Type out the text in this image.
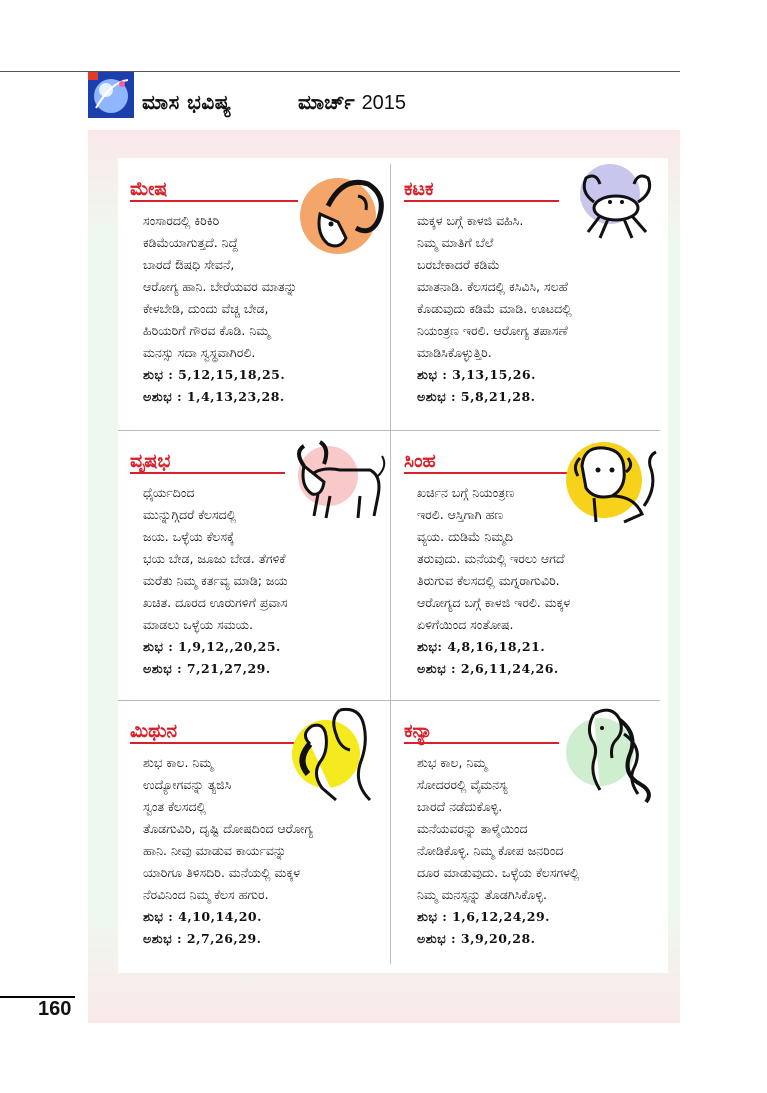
ಮಾಸ ಭವಿಷ್ಯ	ಮಾರ್ಚ್ 2015
ಮೇಷ
ಸಂಸಾರದಲ್ಲಿ ಕಿರಿಕಿರಿ
ಕಡಿಮೆಯಾಗುತ್ತದೆ. ನಿದ್ದೆ
ಬಾರದೆ ಔಷಧಿ ಸೇವನೆ,
ಆರೋಗ್ಯ ಹಾನಿ. ಬೇರೆಯವರ ಮಾತನ್ನು
ಕೇಳಬೇಡಿ, ದುಂದು ವೆಚ್ಚ ಬೇಡ,
ಹಿರಿಯರಿಗೆ ಗೌರವ ಕೊಡಿ. ನಿಮ್ಮ
ಮನಸ್ಸು ಸದಾ ಸ್ವಸ್ಥವಾಗಿರಲಿ.
ಶುಭ : 5,12,15,18,25.
ಅಶುಭ : 1,4,13,23,28.
ಕಟಕ
ಮಕ್ಕಳ ಬಗ್ಗೆ ಕಾಳಜಿ ವಹಿಸಿ.
ನಿಮ್ಮ ಮಾತಿಗೆ ಬೆಲೆ
ಬರಬೇಕಾದರೆ ಕಡಿಮೆ
ಮಾತನಾಡಿ. ಕೆಲಸದಲ್ಲಿ ಕಸಿವಿಸಿ, ಸಲಹೆ
ಕೊಡುವುದು ಕಡಿಮೆ ಮಾಡಿ. ಊಟದಲ್ಲಿ
ನಿಯಂತ್ರಣ ಇರಲಿ. ಆರೋಗ್ಯ ತಪಾಸಣೆ
ಮಾಡಿಸಿಕೊಳ್ಳುತ್ತಿರಿ.
ಶುಭ : 3,13,15,26.
ಅಶುಭ : 5,8,21,28.
ವೃಷಭ
ಧೈರ್ಯದಿಂದ
ಮುನ್ನುಗ್ಗಿದರೆ ಕೆಲಸದಲ್ಲಿ
ಜಯ. ಒಳ್ಳೆಯ ಕೆಲಸಕ್ಕೆ
ಭಯ ಬೇಡ, ಜೂಜು ಬೇಡ. ತೆಗಳಿಕೆ
ಮರೆತು ನಿಮ್ಮ ಕರ್ತವ್ಯ ಮಾಡಿ; ಜಯ
ಖಚಿತ. ದೂರದ ಊರುಗಳಿಗೆ ಪ್ರವಾಸ
ಮಾಡಲು ಒಳ್ಳೆಯ ಸಮಯ.
ಶುಭ : 1,9,12,,20,25.
ಅಶುಭ : 7,21,27,29.
ಸಿಂಹ
ಖರ್ಚಿನ ಬಗ್ಗೆ ನಿಯಂತ್ರಣ
ಇರಲಿ. ಆಸ್ತಿಗಾಗಿ ಹಣ
ವ್ಯಯ. ದುಡಿಮೆ ನಿಮ್ಮದಿ
ತರುವುದು. ಮನೆಯಲ್ಲಿ ಇರಲು ಆಗದೆ
ತಿರುಗುವ ಕೆಲಸದಲ್ಲಿ ಮಗ್ನರಾಗುವಿರಿ.
ಆರೋಗ್ಯದ ಬಗ್ಗೆ ಕಾಳಜಿ ಇರಲಿ. ಮಕ್ಕಳ
ಏಳಿಗೆಯಿಂದ ಸಂತೋಷ.
ಶುಭ: 4,8,16,18,21.
ಅಶುಭ : 2,6,11,24,26.
ಮಿಥುನ
ಶುಭ ಕಾಲ. ನಿಮ್ಮ
ಉದ್ಯೋಗವನ್ನು ತ್ಯಜಿಸಿ
ಸ್ವಂತ ಕೆಲಸದಲ್ಲಿ
ತೊಡಗುವಿರಿ, ದೃಷ್ಟಿ ದೋಷದಿಂದ ಆರೋಗ್ಯ
ಹಾನಿ. ನೀವು ಮಾಡುವ ಕಾರ್ಯವನ್ನು
ಯಾರಿಗೂ ತಿಳಿಸದಿರಿ. ಮನೆಯಲ್ಲಿ ಮಕ್ಕಳ
ನೆರವಿನಿಂದ ನಿಮ್ಮ ಕೆಲಸ ಹಗುರ.
ಶುಭ : 4,10,14,20.
ಅಶುಭ : 2,7,26,29.
ಕನ್ಯಾ
ಶುಭ ಕಾಲ, ನಿಮ್ಮ
ಸೋದರರಲ್ಲಿ ವೈಮನಸ್ಯ
ಬಾರದೆ ನಡೆದುಕೊಳ್ಳಿ.
ಮನೆಯವರನ್ನು ತಾಳ್ಮೆಯಿಂದ
ನೋಡಿಕೊಳ್ಳಿ. ನಿಮ್ಮ ಕೋಪ ಜನರಿಂದ
ದೂರ ಮಾಡುವುದು. ಒಳ್ಳೆಯ ಕೆಲಸಗಳಲ್ಲಿ
ನಿಮ್ಮ ಮನಸ್ಸನ್ನು ತೊಡಗಿಸಿಕೊಳ್ಳಿ.
ಶುಭ : 1,6,12,24,29.
ಅಶುಭ : 3,9,20,28.
160
